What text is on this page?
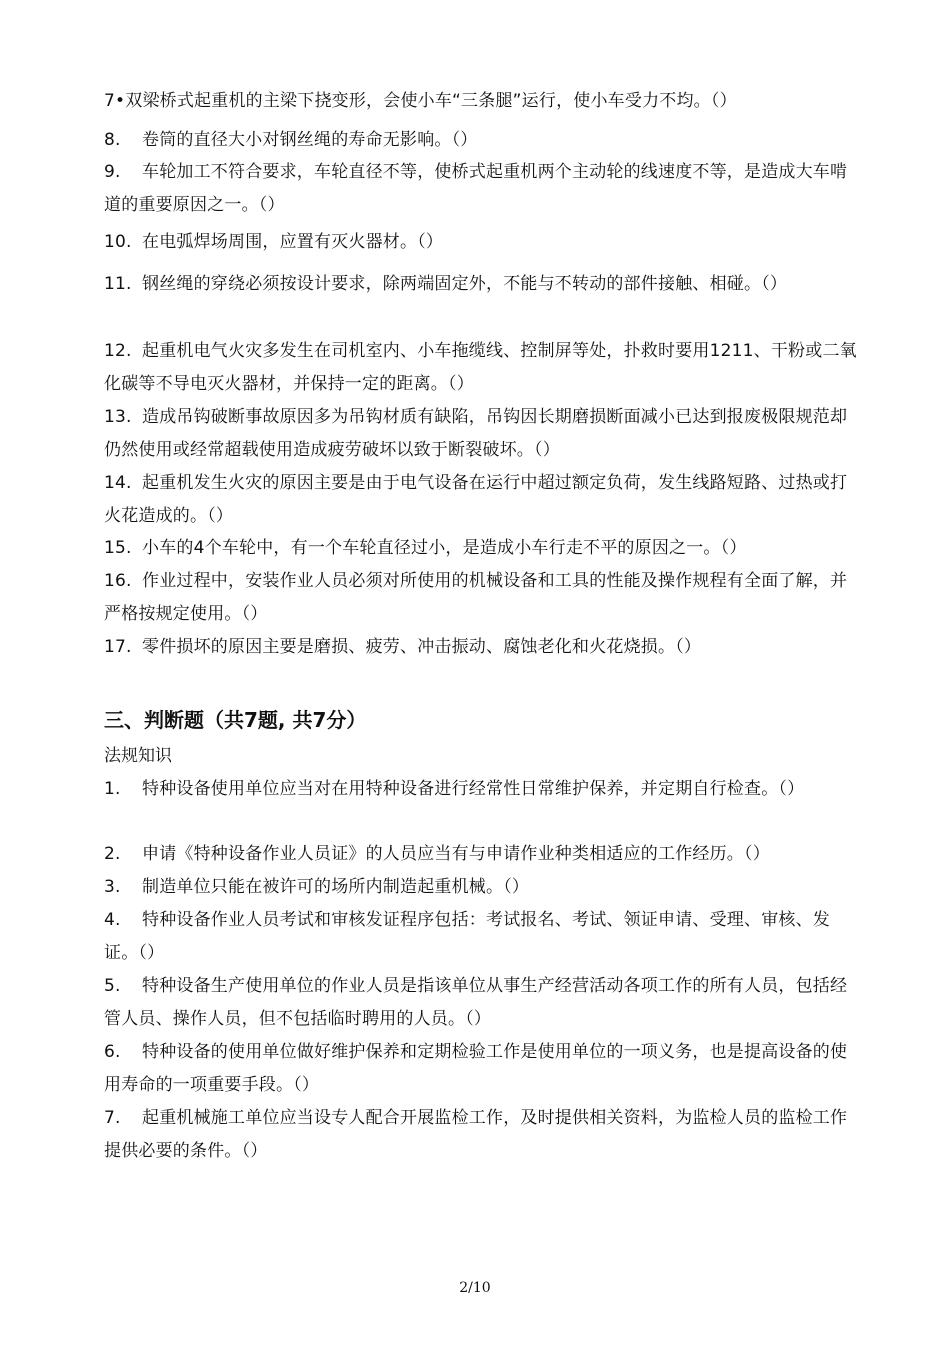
7•双梁桥式起重机的主梁下挠变形，会使小车“三条腿”运行，使小车受力不均。（）
8. 卷筒的直径大小对钢丝绳的寿命无影响。（）
9. 车轮加工不符合要求，车轮直径不等，使桥式起重机两个主动轮的线速度不等，是造成大车啃道的重要原因之一。（）
10. 在电弧焊场周围，应置有灭火器材。（）
11. 钢丝绳的穿绕必须按设计要求，除两端固定外，不能与不转动的部件接触、相碰。（）
12. 起重机电气火灾多发生在司机室内、小车拖缆线、控制屏等处，扑救时要用1211、干粉或二氧化碳等不导电灭火器材，并保持一定的距离。（）
13. 造成吊钩破断事故原因多为吊钩材质有缺陷，吊钩因长期磨损断面减小已达到报废极限规范却仍然使用或经常超载使用造成疲劳破坏以致于断裂破坏。（）
14. 起重机发生火灾的原因主要是由于电气设备在运行中超过额定负荷，发生线路短路、过热或打火花造成的。（）
15. 小车的4个车轮中，有一个车轮直径过小，是造成小车行走不平的原因之一。（）
16. 作业过程中，安装作业人员必须对所使用的机械设备和工具的性能及操作规程有全面了解，并严格按规定使用。（）
17. 零件损坏的原因主要是磨损、疲劳、冲击振动、腐蚀老化和火花烧损。（）
三、判断题（共7题, 共7分）
法规知识
1. 特种设备使用单位应当对在用特种设备进行经常性日常维护保养，并定期自行检查。（）
2. 申请《特种设备作业人员证》的人员应当有与申请作业种类相适应的工作经历。（）
3. 制造单位只能在被许可的场所内制造起重机械。（）
4. 特种设备作业人员考试和审核发证程序包括：考试报名、考试、领证申请、受理、审核、发证。（）
5. 特种设备生产使用单位的作业人员是指该单位从事生产经营活动各项工作的所有人员，包括经管人员、操作人员，但不包括临时聘用的人员。（）
6. 特种设备的使用单位做好维护保养和定期检验工作是使用单位的一项义务，也是提高设备的使用寿命的一项重要手段。（）
7. 起重机械施工单位应当设专人配合开展监检工作，及时提供相关资料，为监检人员的监检工作提供必要的条件。（）
2/10
